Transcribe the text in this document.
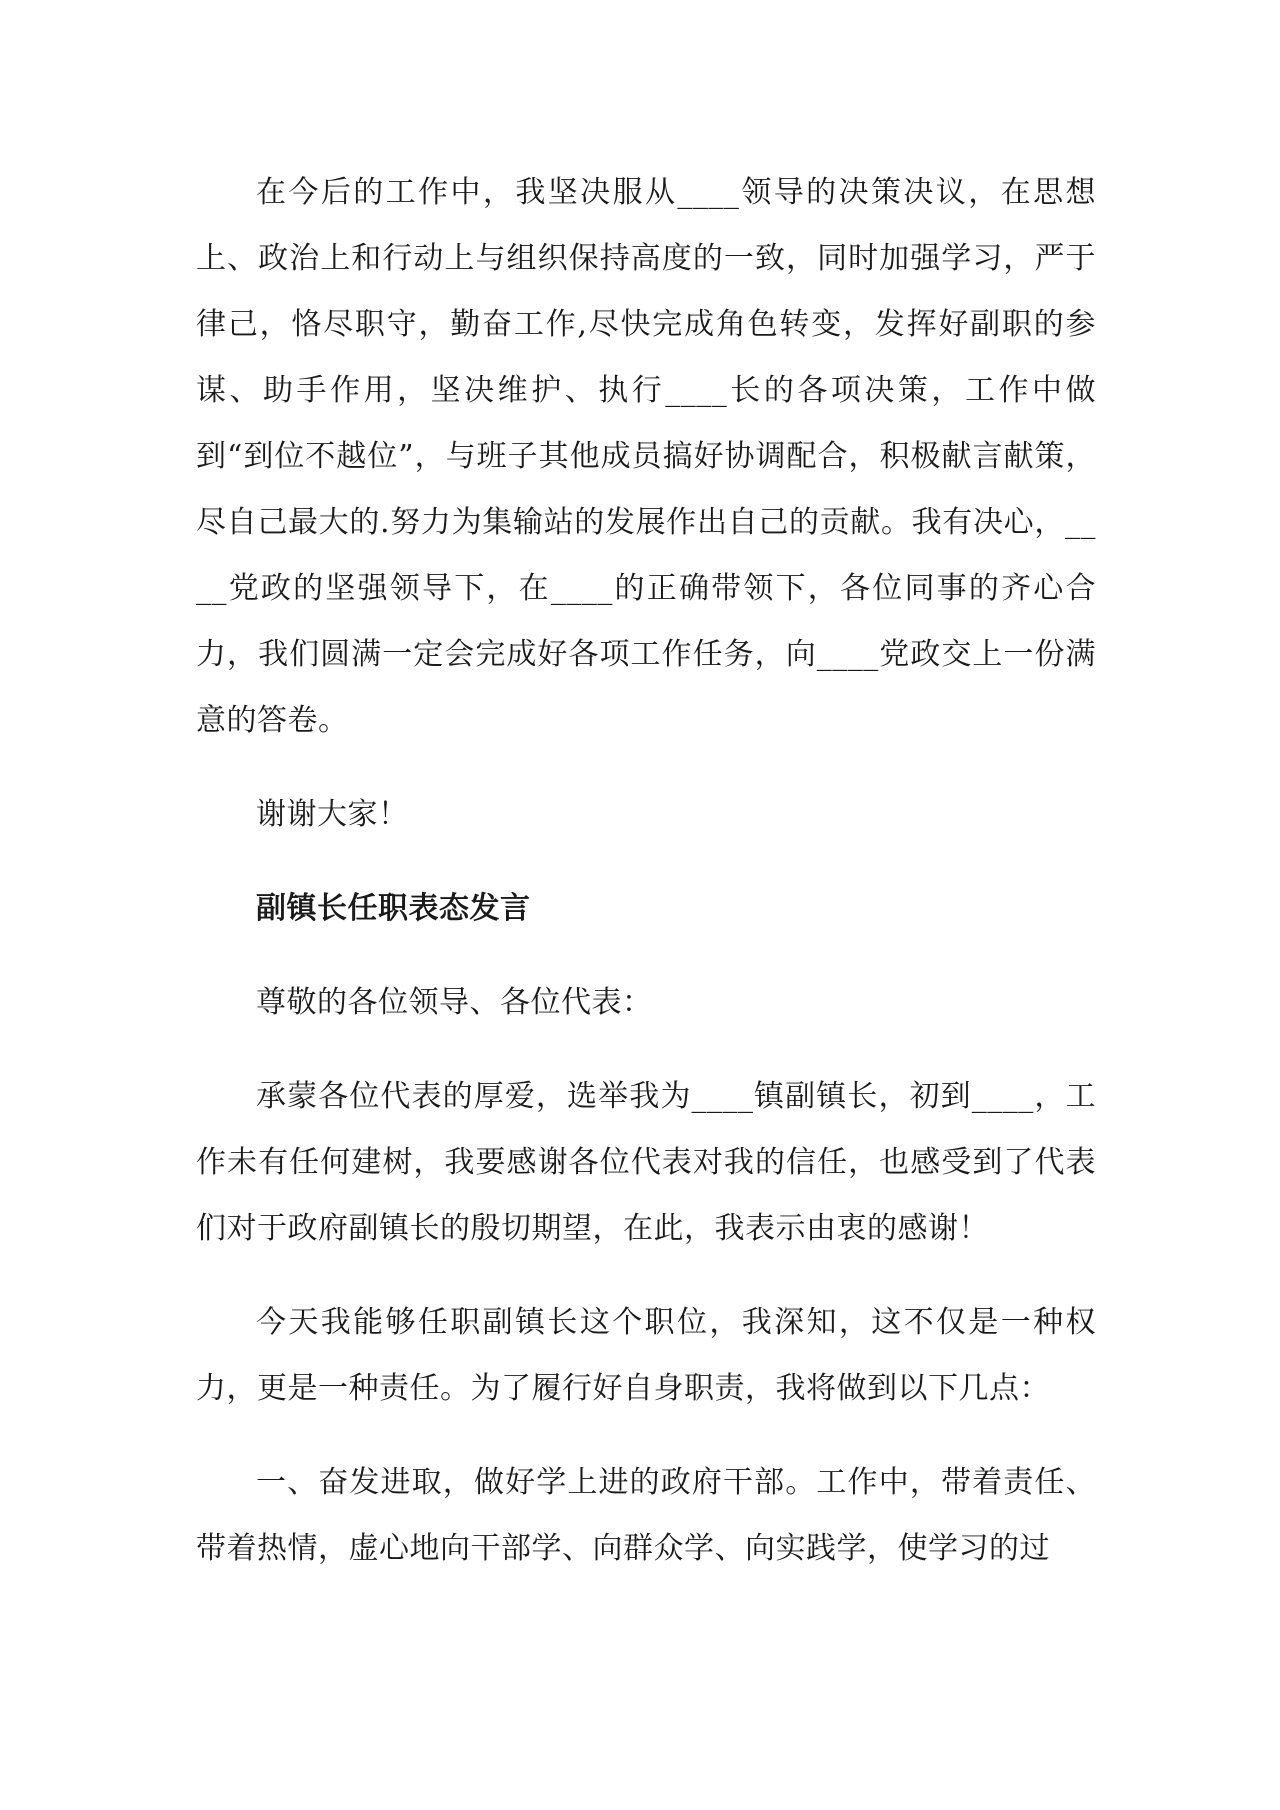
在今后的工作中，我坚决服从____领导的决策决议，在思想上、政治上和行动上与组织保持高度的一致，同时加强学习，严于律己，恪尽职守，勤奋工作,尽快完成角色转变，发挥好副职的参谋、助手作用，坚决维护、执行____长的各项决策，工作中做到“到位不越位”，与班子其他成员搞好协调配合，积极献言献策，尽自己最大的.努力为集输站的发展作出自己的贡献。我有决心，____党政的坚强领导下，在____的正确带领下，各位同事的齐心合力，我们圆满一定会完成好各项工作任务，向____党政交上一份满意的答卷。

谢谢大家！

副镇长任职表态发言

尊敬的各位领导、各位代表：

承蒙各位代表的厚爱，选举我为____镇副镇长，初到____，工作未有任何建树，我要感谢各位代表对我的信任，也感受到了代表们对于政府副镇长的殷切期望，在此，我表示由衷的感谢！

今天我能够任职副镇长这个职位，我深知，这不仅是一种权力，更是一种责任。为了履行好自身职责，我将做到以下几点：

一、奋发进取，做好学上进的政府干部。工作中，带着责任、带着热情，虚心地向干部学、向群众学、向实践学，使学习的过
